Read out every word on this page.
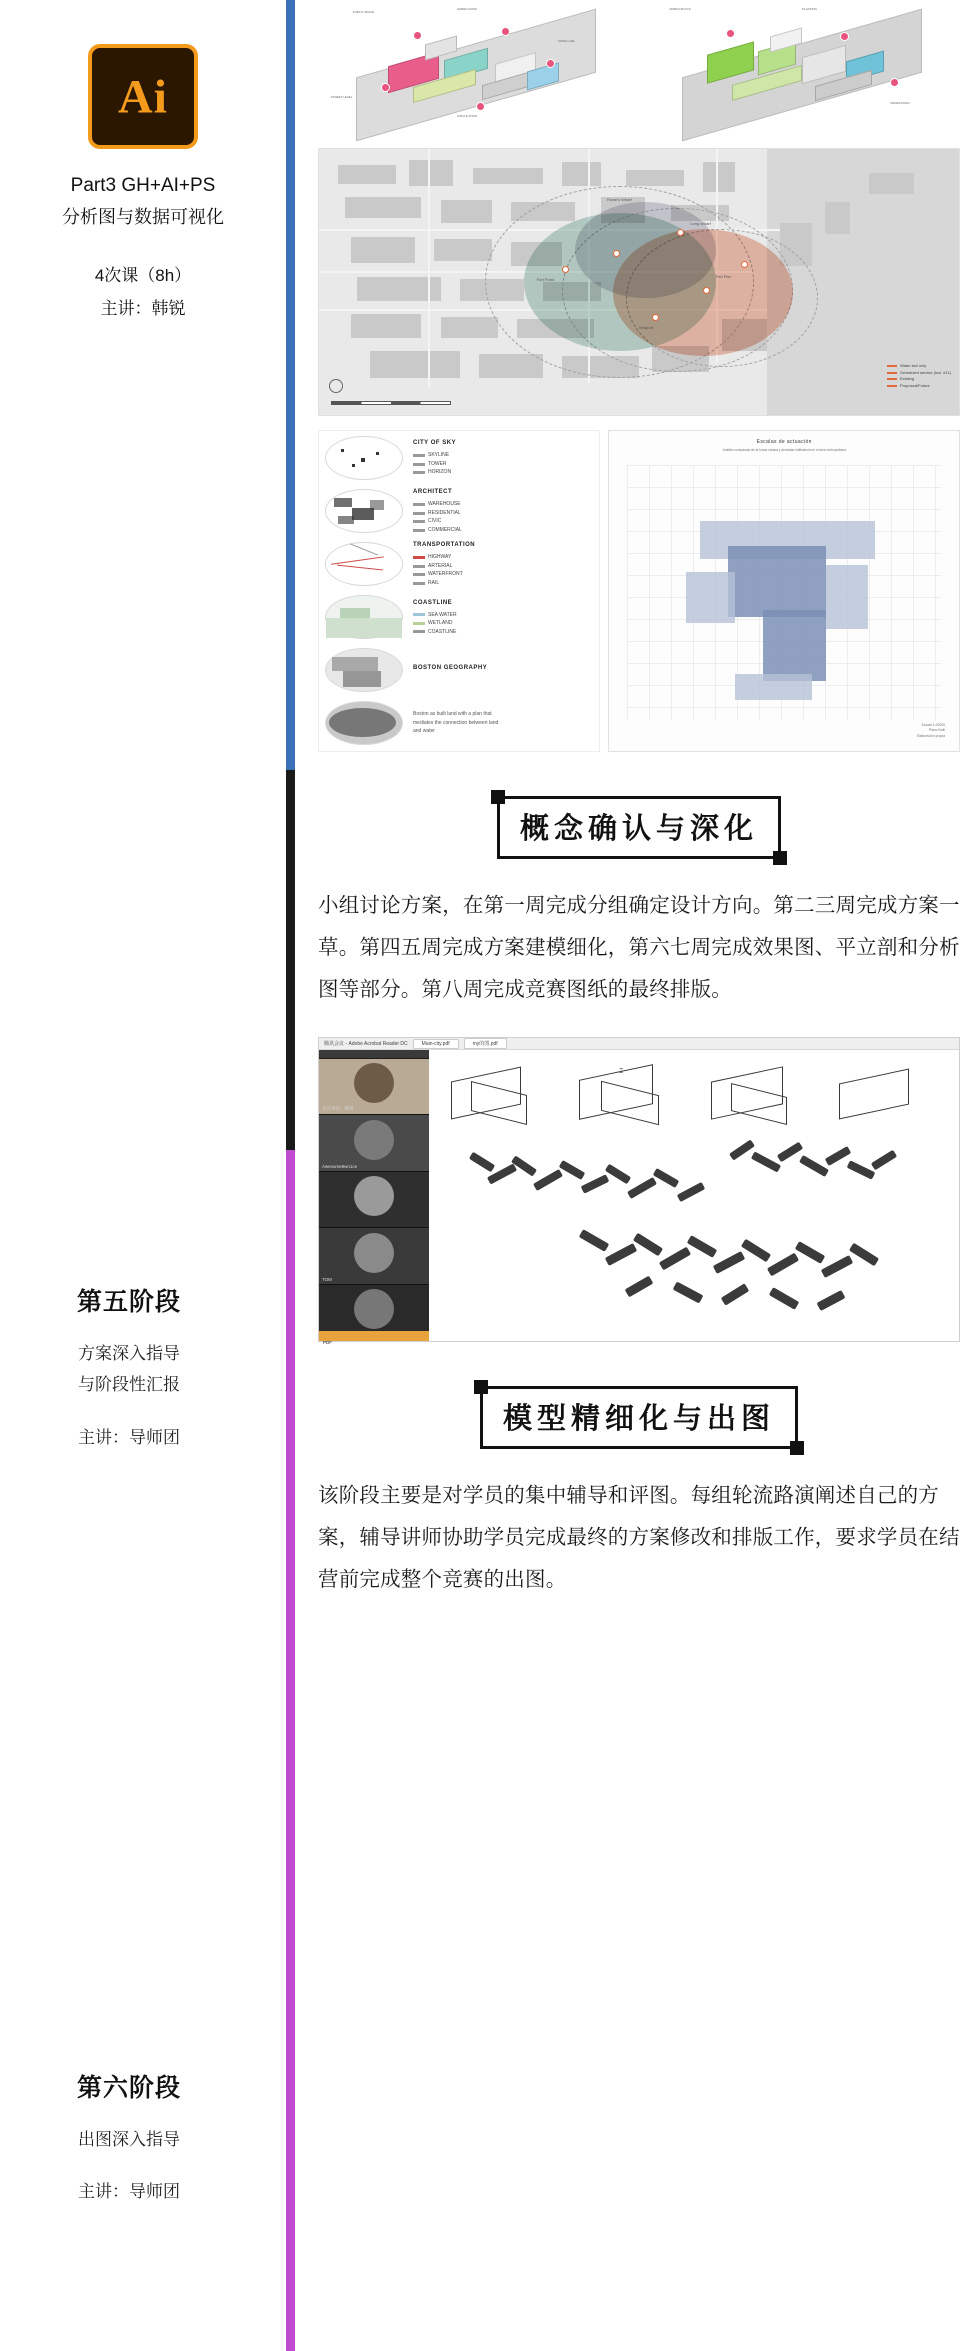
Ai
Part3 GH+AI+PS
分析图与数据可视化
4次课（8h）
主讲：韩锐
第五阶段
方案深入指导
与阶段性汇报
主讲：导师团
第六阶段
出图深入指导
主讲：导师团
PUBLIC SPACE
GREEN ROOF
MIXED USE
STREET LEVEL
CIRCULATION
URBAN BLOCK	PLANTING
PEDESTRIAN
Rowe's Wharf
Long Wharf
Fan Pier
Seaport
Fort Point
Water taxi only
Scheduled service (incl. #11)
Existing
Proposed/Future
CITY OF SKY
SKYLINE
TOWER
HORIZON
ARCHITECT
WAREHOUSE
RESIDENTIAL
CIVIC
COMMERCIAL
TRANSPORTATION
HIGHWAY
ARTERIAL
WATERFRONT
RAIL
COASTLINE
SEA WATER
WETLAND
COASTLINE
BOSTON GEOGRAPHY
Boston as built land with a plan that mediates the connection between land and water
Escalas de actuación
Análisis comparado de la forma urbana y densidad edificatoria en el área metropolitana
Escala 1:20000
Plano Nolli
Elaboración propia
概念确认与深化
小组讨论方案，在第一周完成分组确定设计方向。第二三周完成方案一草。第四五周完成方案建模细化，第六七周完成效果图、平立剖和分析图等部分。第八周完成竞赛图纸的最终排版。
腾讯会议 - Adobe Acrobat Reader DC	Main-city.pdf	my的图.pdf
正在讲话：韩锐
Awesome8wn1ce
TOM
PDF
⌶
模型精细化与出图
该阶段主要是对学员的集中辅导和评图。每组轮流路演阐述自己的方案，辅导讲师协助学员完成最终的方案修改和排版工作，要求学员在结营前完成整个竞赛的出图。
